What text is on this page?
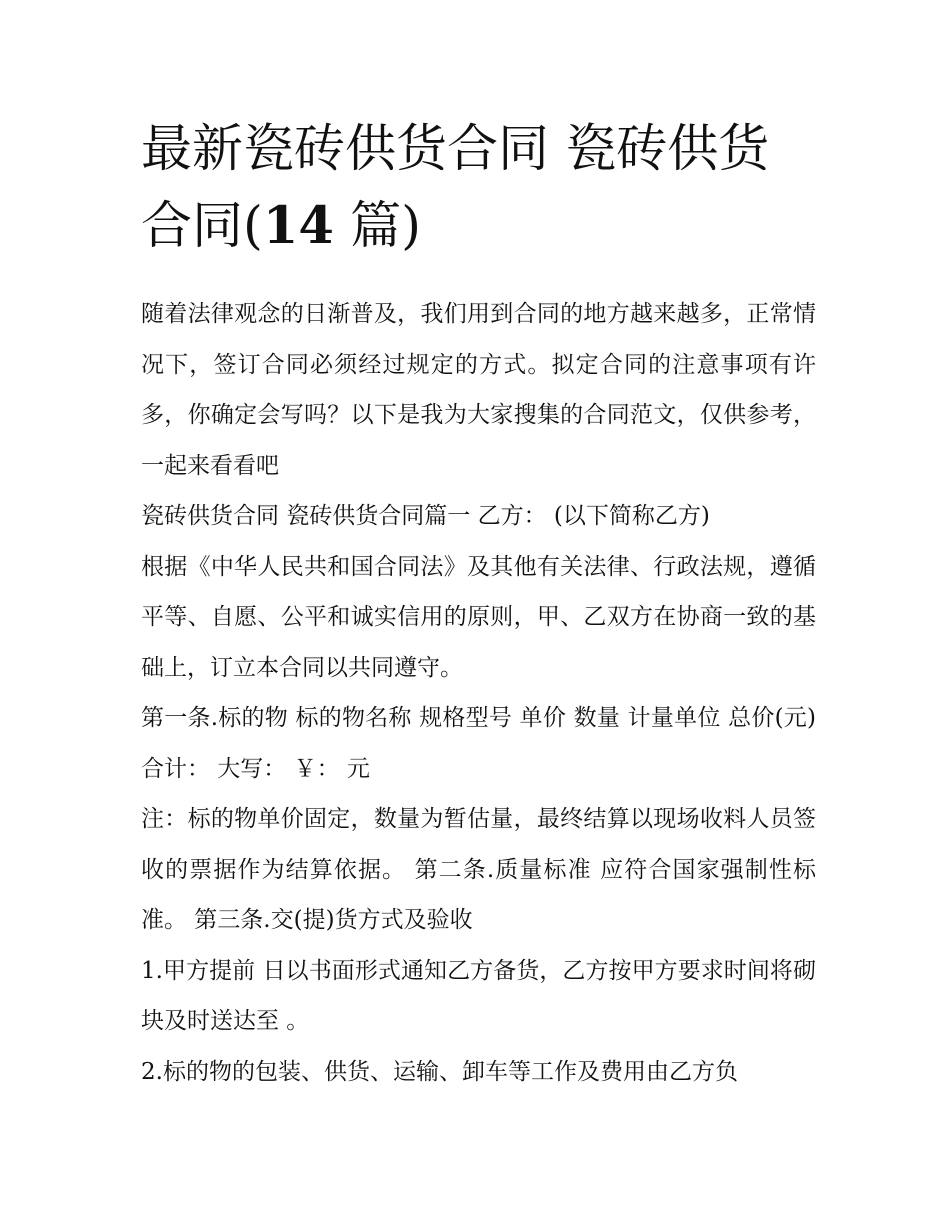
最新瓷砖供货合同 瓷砖供货合同(14 篇)

随着法律观念的日渐普及，我们用到合同的地方越来越多，正常情况下，签订合同必须经过规定的方式。拟定合同的注意事项有许多，你确定会写吗？以下是我为大家搜集的合同范文，仅供参考，一起来看看吧

瓷砖供货合同 瓷砖供货合同篇一 乙方： (以下简称乙方)

根据《中华人民共和国合同法》及其他有关法律、行政法规，遵循平等、自愿、公平和诚实信用的原则，甲、乙双方在协商一致的基础上，订立本合同以共同遵守。

第一条.标的物 标的物名称 规格型号 单价 数量 计量单位 总价(元) 合计： 大写： ￥： 元

注：标的物单价固定，数量为暂估量，最终结算以现场收料人员签收的票据作为结算依据。 第二条.质量标准 应符合国家强制性标准。 第三条.交(提)货方式及验收

1.甲方提前 日以书面形式通知乙方备货，乙方按甲方要求时间将砌块及时送达至 。

2.标的物的包装、供货、运输、卸车等工作及费用由乙方负
